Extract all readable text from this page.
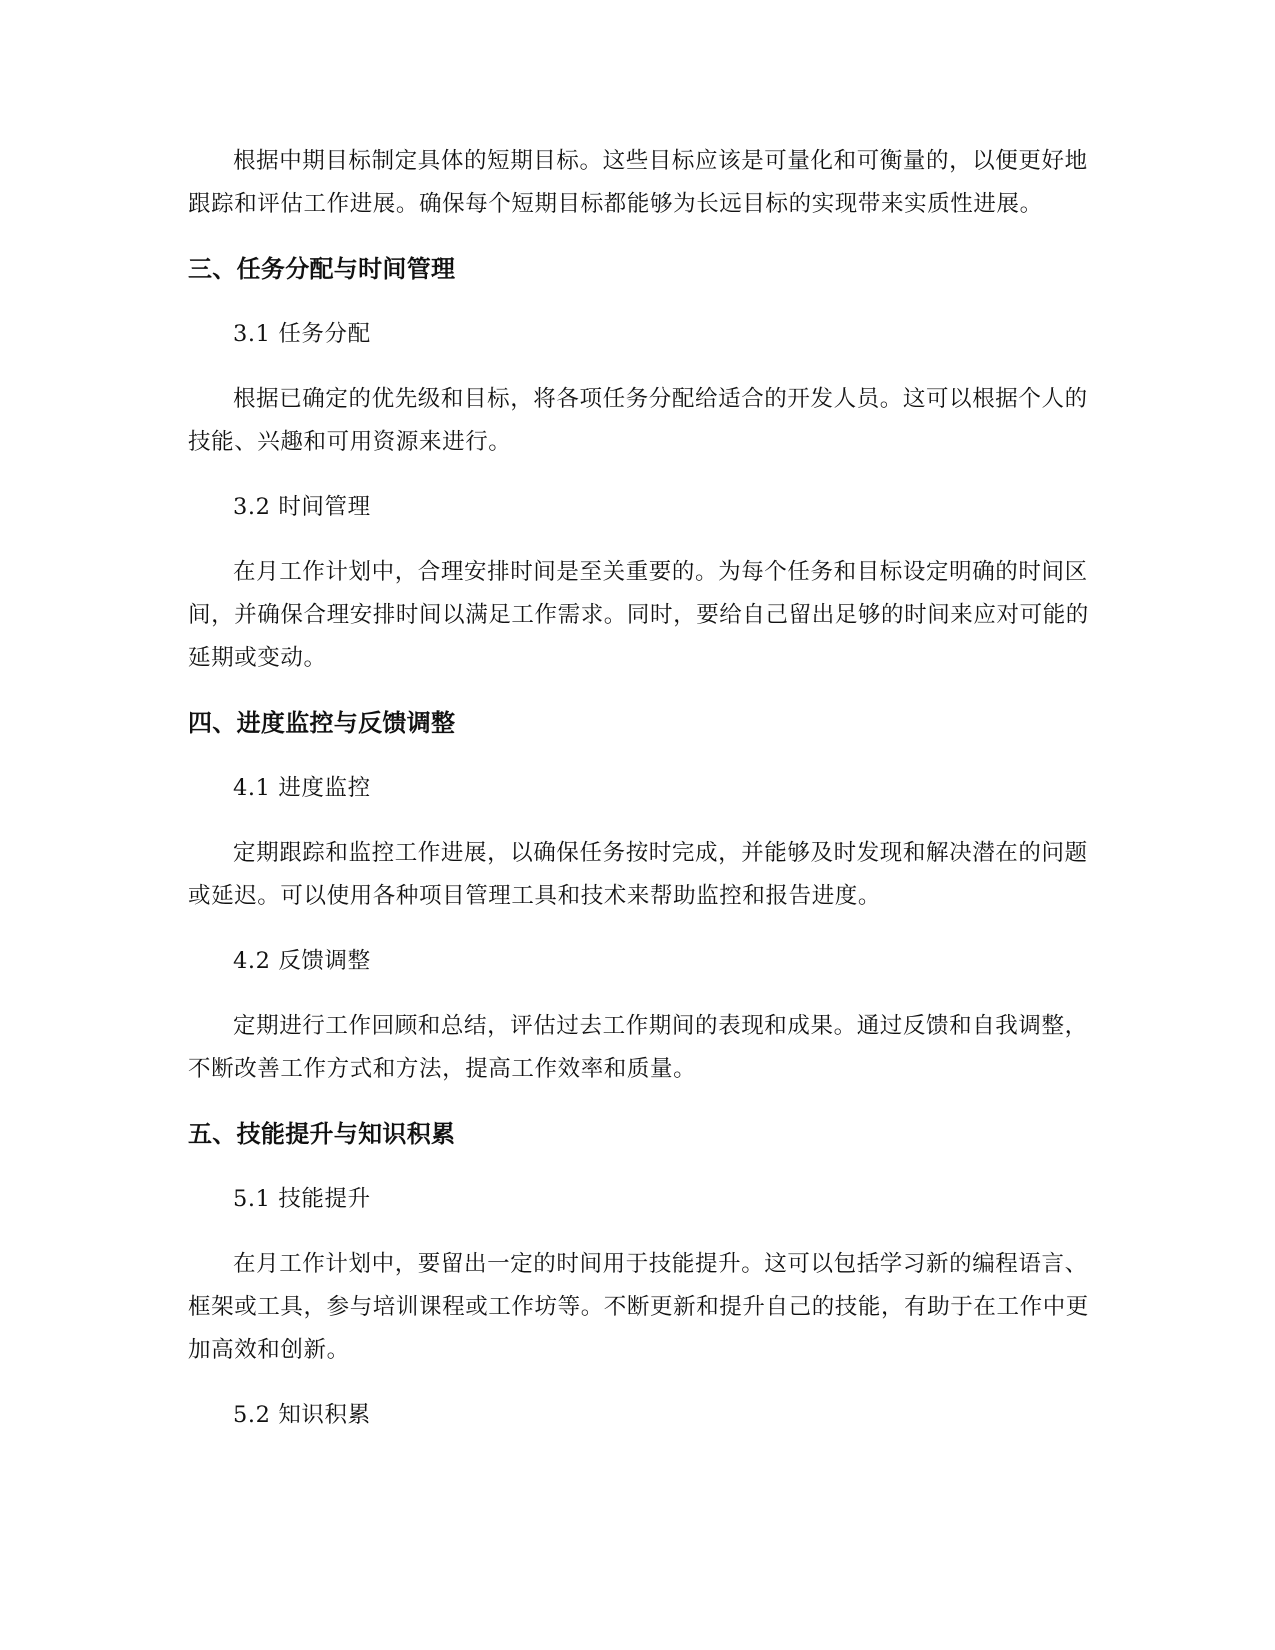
根据中期目标制定具体的短期目标。这些目标应该是可量化和可衡量的，以便更好地跟踪和评估工作进展。确保每个短期目标都能够为长远目标的实现带来实质性进展。

三、任务分配与时间管理

3.1 任务分配

根据已确定的优先级和目标，将各项任务分配给适合的开发人员。这可以根据个人的技能、兴趣和可用资源来进行。

3.2 时间管理

在月工作计划中，合理安排时间是至关重要的。为每个任务和目标设定明确的时间区间，并确保合理安排时间以满足工作需求。同时，要给自己留出足够的时间来应对可能的延期或变动。

四、进度监控与反馈调整

4.1 进度监控

定期跟踪和监控工作进展，以确保任务按时完成，并能够及时发现和解决潜在的问题或延迟。可以使用各种项目管理工具和技术来帮助监控和报告进度。

4.2 反馈调整

定期进行工作回顾和总结，评估过去工作期间的表现和成果。通过反馈和自我调整，不断改善工作方式和方法，提高工作效率和质量。

五、技能提升与知识积累

5.1 技能提升

在月工作计划中，要留出一定的时间用于技能提升。这可以包括学习新的编程语言、框架或工具，参与培训课程或工作坊等。不断更新和提升自己的技能，有助于在工作中更加高效和创新。

5.2 知识积累
